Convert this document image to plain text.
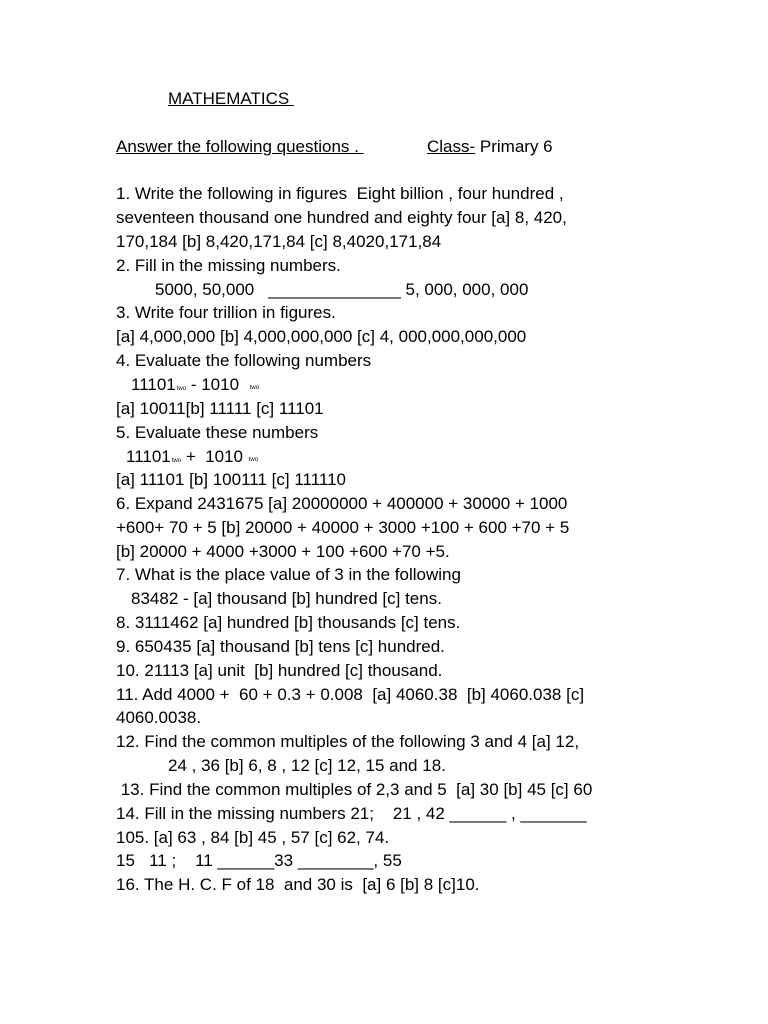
MATHEMATICS
Answer the following questions .	Class- Primary 6
1. Write the following in figures  Eight billion , four hundred ,
seventeen thousand one hundred and eighty four [a] 8, 420,
170,184 [b] 8,420,171,84 [c] 8,4020,171,84
2. Fill in the missing numbers.
5000, 50,000   ______________ 5, 000, 000, 000
3. Write four trillion in figures.
[a] 4,000,000 [b] 4,000,000,000 [c] 4, 000,000,000,000
4. Evaluate the following numbers
11101two - 1010 two
[a] 10011[b] 11111 [c] 11101
5. Evaluate these numbers
11101two +  1010 two
[a] 11101 [b] 100111 [c] 111110
6. Expand 2431675 [a] 20000000 + 400000 + 30000 + 1000
+600+ 70 + 5 [b] 20000 + 40000 + 3000 +100 + 600 +70 + 5
[b] 20000 + 4000 +3000 + 100 +600 +70 +5.
7. What is the place value of 3 in the following
83482 - [a] thousand [b] hundred [c] tens.
8. 3111462 [a] hundred [b] thousands [c] tens.
9. 650435 [a] thousand [b] tens [c] hundred.
10. 21113 [a] unit  [b] hundred [c] thousand.
11. Add 4000 +  60 + 0.3 + 0.008  [a] 4060.38  [b] 4060.038 [c]
4060.0038.
12. Find the common multiples of the following 3 and 4 [a] 12,
24 , 36 [b] 6, 8 , 12 [c] 12, 15 and 18.
13. Find the common multiples of 2,3 and 5  [a] 30 [b] 45 [c] 60
14. Fill in the missing numbers 21;    21 , 42 ______ , _______
105. [a] 63 , 84 [b] 45 , 57 [c] 62, 74.
15   11 ;    11 ______33 ________, 55
16. The H. C. F of 18  and 30 is  [a] 6 [b] 8 [c]10.
